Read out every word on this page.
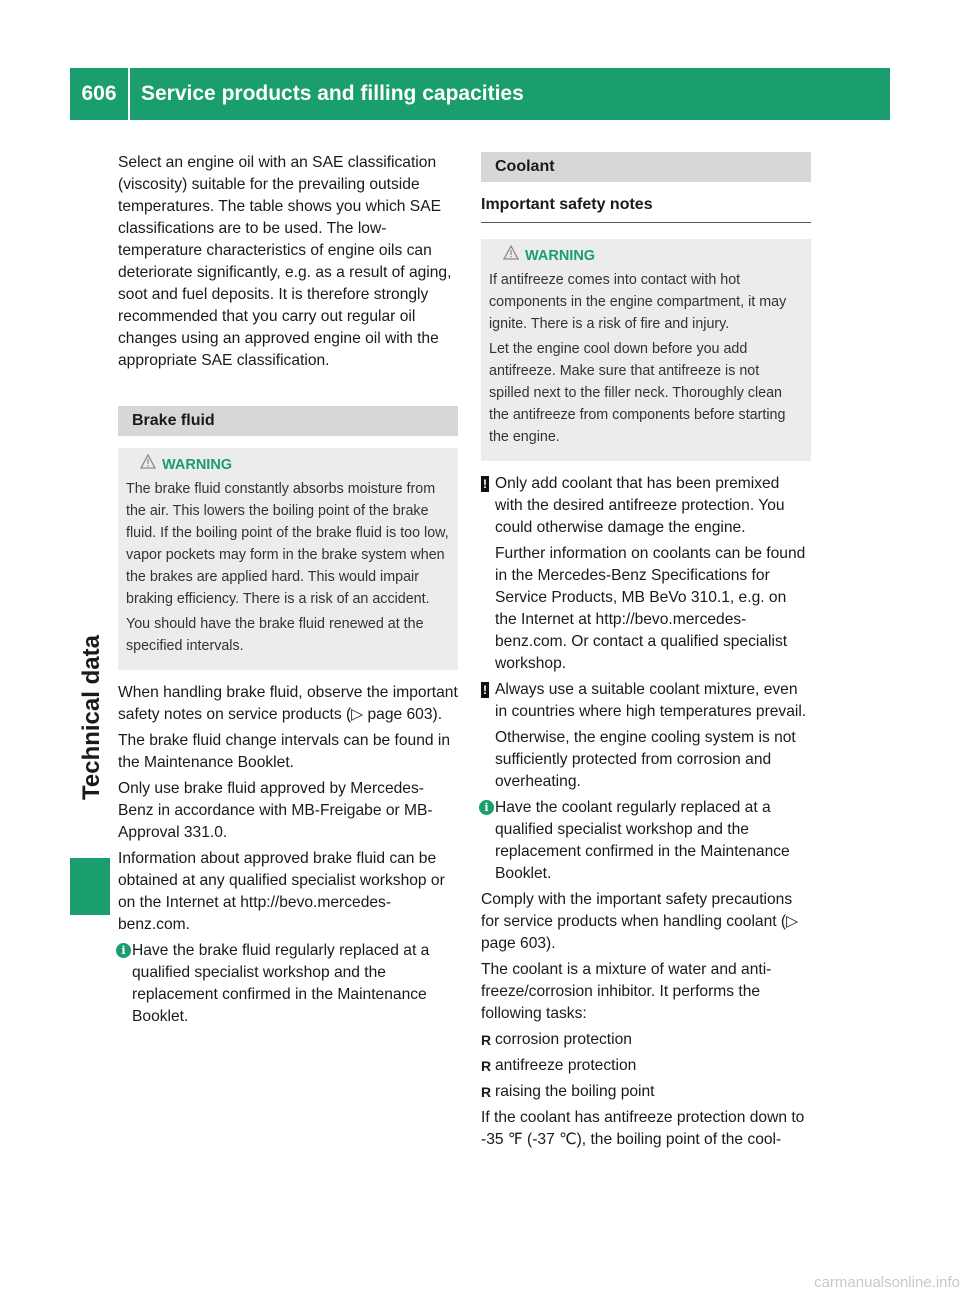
606	Service products and filling capacities
Technical data

Select an engine oil with an SAE classification (viscosity) suitable for the prevailing outside temperatures. The table shows you which SAE classifications are to be used. The low-temperature characteristics of engine oils can deteriorate significantly, e.g. as a result of aging, soot and fuel deposits. It is therefore strongly recommended that you carry out regular oil changes using an approved engine oil with the appropriate SAE classification.

Brake fluid
WARNING

The brake fluid constantly absorbs moisture from the air. This lowers the boiling point of the brake fluid. If the boiling point of the brake fluid is too low, vapor pockets may form in the brake system when the brakes are applied hard. This would impair braking efficiency. There is a risk of an accident.

You should have the brake fluid renewed at the specified intervals.

When handling brake fluid, observe the important safety notes on service products (▷ page 603).

The brake fluid change intervals can be found in the Maintenance Booklet.

Only use brake fluid approved by Mercedes-Benz in accordance with MB-Freigabe or MB-Approval 331.0.

Information about approved brake fluid can be obtained at any qualified specialist workshop or on the Internet at http://bevo.mercedes-benz.com.

i Have the brake fluid regularly replaced at a qualified specialist workshop and the replacement confirmed in the Maintenance Booklet.

Coolant
Important safety notes
WARNING

If antifreeze comes into contact with hot components in the engine compartment, it may ignite. There is a risk of fire and injury.

Let the engine cool down before you add antifreeze. Make sure that antifreeze is not spilled next to the filler neck. Thoroughly clean the antifreeze from components before starting the engine.

! Only add coolant that has been premixed with the desired antifreeze protection. You could otherwise damage the engine.

Further information on coolants can be found in the Mercedes-Benz Specifications for Service Products, MB BeVo 310.1, e.g. on the Internet at http://bevo.mercedes-benz.com. Or contact a qualified specialist workshop.

! Always use a suitable coolant mixture, even in countries where high temperatures prevail.

Otherwise, the engine cooling system is not sufficiently protected from corrosion and overheating.

i Have the coolant regularly replaced at a qualified specialist workshop and the replacement confirmed in the Maintenance Booklet.

Comply with the important safety precautions for service products when handling coolant (▷ page 603).

The coolant is a mixture of water and anti-freeze/corrosion inhibitor. It performs the following tasks:

R corrosion protection
R antifreeze protection
R raising the boiling point

If the coolant has antifreeze protection down to -35 ℉ (-37 ℃), the boiling point of the cool-

carmanualsonline.info
